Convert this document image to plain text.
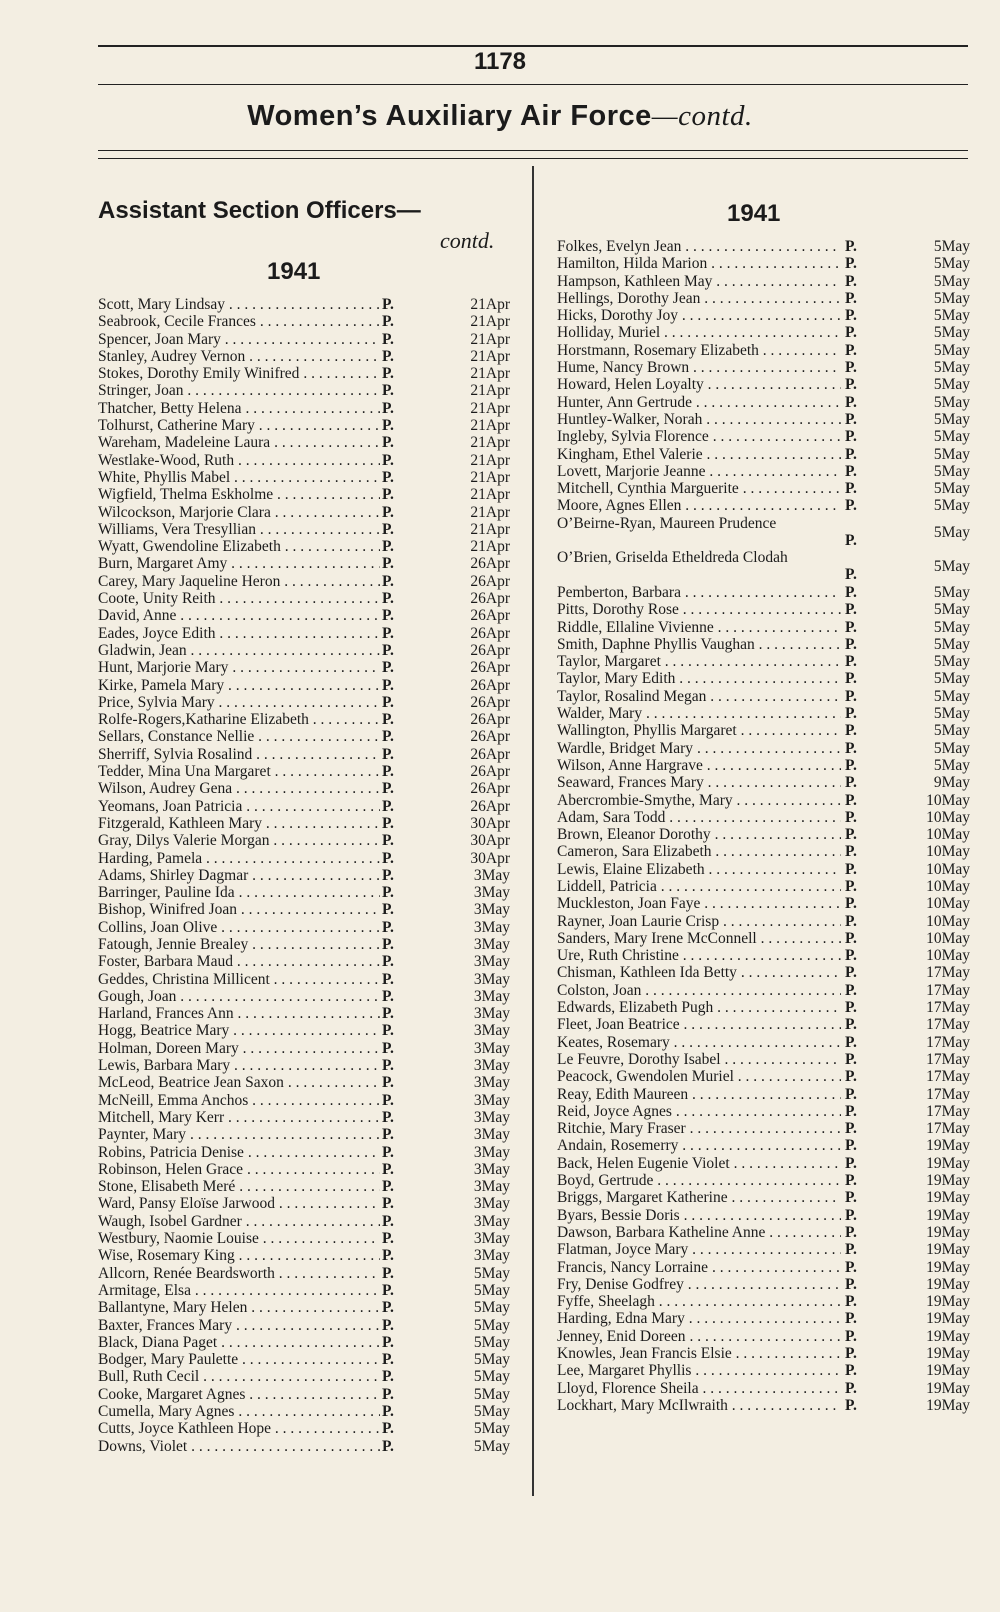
1178
Women’s Auxiliary Air Force—contd.
Assistant Section Officers—
contd.
1941
1941
Scott, Mary Lindsay . . .	P.	21Apr
Seabrook, Cecile Frances . . .	P.	21Apr
Spencer, Joan Mary . . .	P.	21Apr
Stanley, Audrey Vernon . . .	P.	21Apr
Stokes, Dorothy Emily Winifred . . .	P.	21Apr
Stringer, Joan . . .	P.	21Apr
Thatcher, Betty Helena . . .	P.	21Apr
Tolhurst, Catherine Mary . . .	P.	21Apr
Wareham, Madeleine Laura . . .	P.	21Apr
Westlake-Wood, Ruth . . .	P.	21Apr
White, Phyllis Mabel . . .	P.	21Apr
Wigfield, Thelma Eskholme . . .	P.	21Apr
Wilcockson, Marjorie Clara . . .	P.	21Apr
Williams, Vera Tresyllian . . .	P.	21Apr
Wyatt, Gwendoline Elizabeth . . .	P.	21Apr
Burn, Margaret Amy . . .	P.	26Apr
Carey, Mary Jaqueline Heron . . .	P.	26Apr
Coote, Unity Reith . . .	P.	26Apr
David, Anne . . .	P.	26Apr
Eades, Joyce Edith . . .	P.	26Apr
Gladwin, Jean . . .	P.	26Apr
Hunt, Marjorie Mary . . .	P.	26Apr
Kirke, Pamela Mary . . .	P.	26Apr
Price, Sylvia Mary . . .	P.	26Apr
Rolfe-Rogers,Katharine Elizabeth . . .	P.	26Apr
Sellars, Constance Nellie . . .	P.	26Apr
Sherriff, Sylvia Rosalind . . .	P.	26Apr
Tedder, Mina Una Margaret . . .	P.	26Apr
Wilson, Audrey Gena . . .	P.	26Apr
Yeomans, Joan Patricia . . .	P.	26Apr
Fitzgerald, Kathleen Mary . . .	P.	30Apr
Gray, Dilys Valerie Morgan . . .	P.	30Apr
Harding, Pamela . . .	P.	30Apr
Adams, Shirley Dagmar . . .	P.	3May
Barringer, Pauline Ida . . .	P.	3May
Bishop, Winifred Joan . . .	P.	3May
Collins, Joan Olive . . .	P.	3May
Fatough, Jennie Brealey . . .	P.	3May
Foster, Barbara Maud . . .	P.	3May
Geddes, Christina Millicent . . .	P.	3May
Gough, Joan . . .	P.	3May
Harland, Frances Ann . . .	P.	3May
Hogg, Beatrice Mary . . .	P.	3May
Holman, Doreen Mary . . .	P.	3May
Lewis, Barbara Mary . . .	P.	3May
McLeod, Beatrice Jean Saxon . . .	P.	3May
McNeill, Emma Anchos . . .	P.	3May
Mitchell, Mary Kerr . . .	P.	3May
Paynter, Mary . . .	P.	3May
Robins, Patricia Denise . . .	P.	3May
Robinson, Helen Grace . . .	P.	3May
Stone, Elisabeth Meré . . .	P.	3May
Ward, Pansy Eloïse Jarwood . . .	P.	3May
Waugh, Isobel Gardner . . .	P.	3May
Westbury, Naomie Louise . . .	P.	3May
Wise, Rosemary King . . .	P.	3May
Allcorn, Renée Beardsworth . . .	P.	5May
Armitage, Elsa . . .	P.	5May
Ballantyne, Mary Helen . . .	P.	5May
Baxter, Frances Mary . . .	P.	5May
Black, Diana Paget . . .	P.	5May
Bodger, Mary Paulette . . .	P.	5May
Bull, Ruth Cecil . . .	P.	5May
Cooke, Margaret Agnes . . .	P.	5May
Cumella, Mary Agnes . . .	P.	5May
Cutts, Joyce Kathleen Hope . . .	P.	5May
Downs, Violet . . .	P.	5May
Folkes, Evelyn Jean . . .	P.	5May
Hamilton, Hilda Marion . . .	P.	5May
Hampson, Kathleen May . . .	P.	5May
Hellings, Dorothy Jean . . .	P.	5May
Hicks, Dorothy Joy . . .	P.	5May
Holliday, Muriel . . .	P.	5May
Horstmann, Rosemary Elizabeth . . .	P.	5May
Hume, Nancy Brown . . .	P.	5May
Howard, Helen Loyalty . . .	P.	5May
Hunter, Ann Gertrude . . .	P.	5May
Huntley-Walker, Norah . . .	P.	5May
Ingleby, Sylvia Florence . . .	P.	5May
Kingham, Ethel Valerie . . .	P.	5May
Lovett, Marjorie Jeanne . . .	P.	5May
Mitchell, Cynthia Marguerite . . .	P.	5May
Moore, Agnes Ellen . . .	P.	5May
O’Beirne-Ryan, Maureen Prudence
P.	5May
O’Brien, Griselda Etheldreda Clodah
P.	5May
Pemberton, Barbara . . .	P.	5May
Pitts, Dorothy Rose . . .	P.	5May
Riddle, Ellaline Vivienne . . .	P.	5May
Smith, Daphne Phyllis Vaughan . . .	P.	5May
Taylor, Margaret . . .	P.	5May
Taylor, Mary Edith . . .	P.	5May
Taylor, Rosalind Megan . . .	P.	5May
Walder, Mary . . .	P.	5May
Wallington, Phyllis Margaret . . .	P.	5May
Wardle, Bridget Mary . . .	P.	5May
Wilson, Anne Hargrave . . .	P.	5May
Seaward, Frances Mary . . .	P.	9May
Abercrombie-Smythe, Mary . . .	P.	10May
Adam, Sara Todd . . .	P.	10May
Brown, Eleanor Dorothy . . .	P.	10May
Cameron, Sara Elizabeth . . .	P.	10May
Lewis, Elaine Elizabeth . . .	P.	10May
Liddell, Patricia . . .	P.	10May
Muckleston, Joan Faye . . .	P.	10May
Rayner, Joan Laurie Crisp . . .	P.	10May
Sanders, Mary Irene McConnell . . .	P.	10May
Ure, Ruth Christine . . .	P.	10May
Chisman, Kathleen Ida Betty . . .	P.	17May
Colston, Joan . . .	P.	17May
Edwards, Elizabeth Pugh . . .	P.	17May
Fleet, Joan Beatrice . . .	P.	17May
Keates, Rosemary . . .	P.	17May
Le Feuvre, Dorothy Isabel . . .	P.	17May
Peacock, Gwendolen Muriel . . .	P.	17May
Reay, Edith Maureen . . .	P.	17May
Reid, Joyce Agnes . . .	P.	17May
Ritchie, Mary Fraser . . .	P.	17May
Andain, Rosemerry . . .	P.	19May
Back, Helen Eugenie Violet . . .	P.	19May
Boyd, Gertrude . . .	P.	19May
Briggs, Margaret Katherine . . .	P.	19May
Byars, Bessie Doris . . .	P.	19May
Dawson, Barbara Katheline Anne . . .	P.	19May
Flatman, Joyce Mary . . .	P.	19May
Francis, Nancy Lorraine . . .	P.	19May
Fry, Denise Godfrey . . .	P.	19May
Fyffe, Sheelagh . . .	P.	19May
Harding, Edna Mary . . .	P.	19May
Jenney, Enid Doreen . . .	P.	19May
Knowles, Jean Francis Elsie . . .	P.	19May
Lee, Margaret Phyllis . . .	P.	19May
Lloyd, Florence Sheila . . .	P.	19May
Lockhart, Mary McIlwraith . . .	P.	19May
